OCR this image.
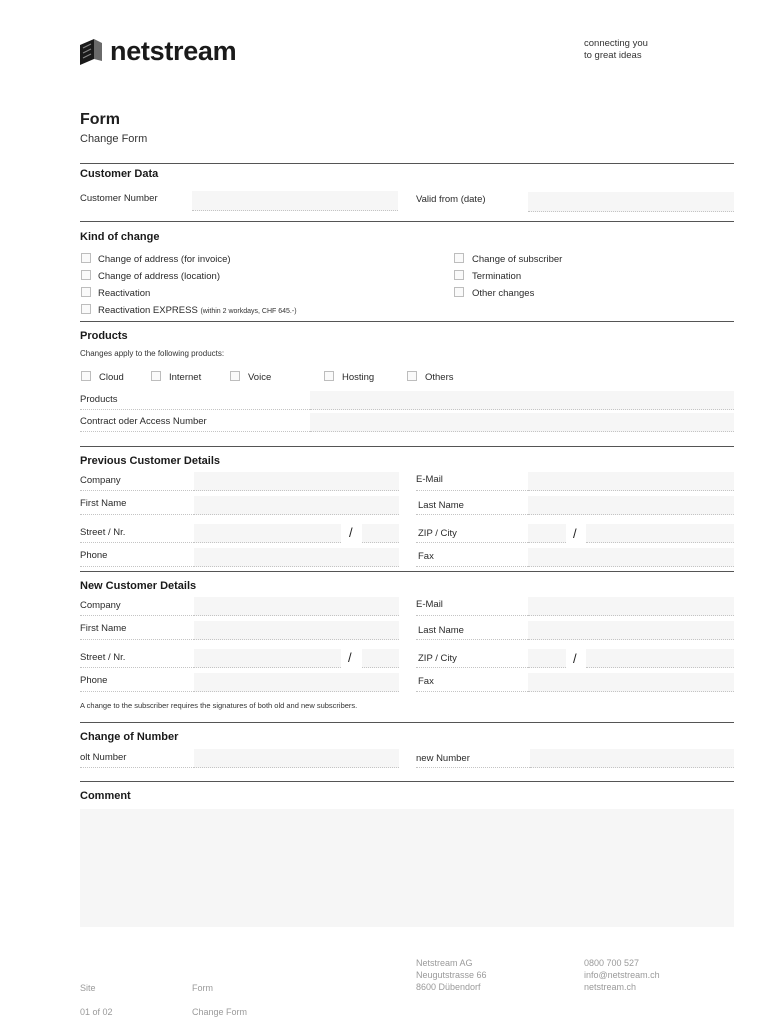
netstream	connecting you
to great ideas
Form
Change Form
Customer Data
Customer Number	Valid from (date)
Kind of change
Change of address (for invoice)
Change of address (location)
Reactivation
Reactivation EXPRESS (within 2 workdays, CHF 645.-)
Change of subscriber
Termination
Other changes
Products
Changes apply to the following products:
Cloud	Internet	Voice	Hosting	Others
Products
Contract oder Access Number
Previous Customer Details
Company	E-Mail
First Name	Last Name
Street / Nr.	/	ZIP / City	/
Phone	Fax
New Customer Details
Company	E-Mail
First Name	Last Name
Street / Nr.	/	ZIP / City	/
Phone	Fax
A change to the subscriber requires the signatures of both old and new subscribers.
Change of Number
olt Number	new Number
Comment

Site

01 of 02

Form

Change Form

Netstream AG
Neugutstrasse 66
8600 Dübendorf
0800 700 527
info@netstream.ch
netstream.ch
